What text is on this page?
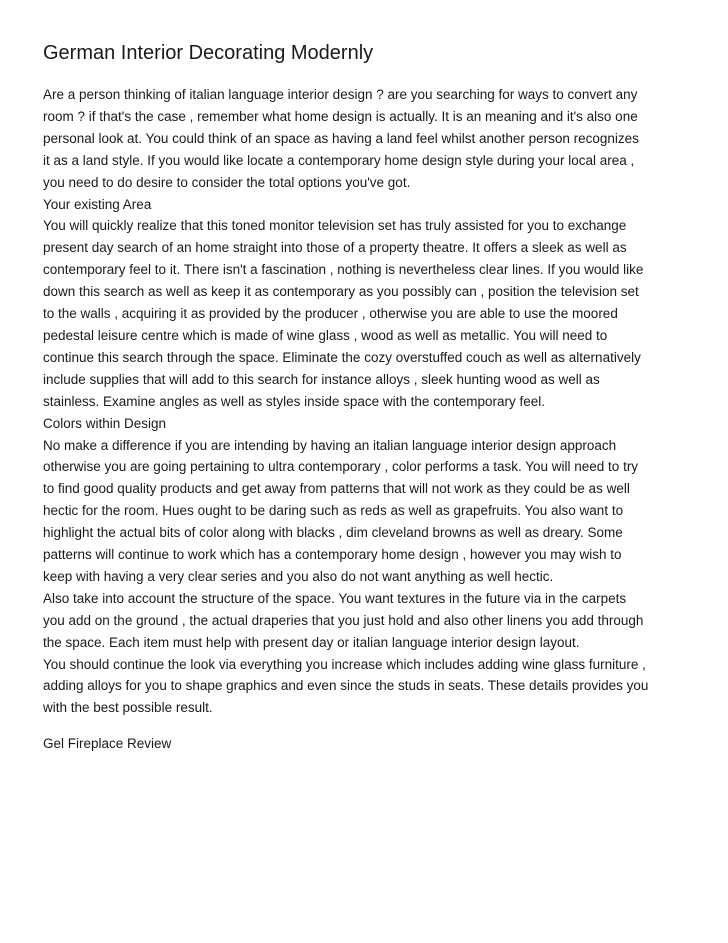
German Interior Decorating Modernly
Are a person thinking of italian language interior design ? are you searching for ways to convert any
room ? if that's the case , remember what home design is actually. It is an meaning and it's also one
personal look at. You could think of an space as having a land feel whilst another person recognizes
it as a land style. If you would like locate a contemporary home design style during your local area ,
you need to do desire to consider the total options you've got.
Your existing Area
You will quickly realize that this toned monitor television set has truly assisted for you to exchange
present day search of an home straight into those of a property theatre. It offers a sleek as well as
contemporary feel to it. There isn't a fascination , nothing is nevertheless clear lines. If you would like
down this search as well as keep it as contemporary as you possibly can , position the television set
to the walls , acquiring it as provided by the producer , otherwise you are able to use the moored
pedestal leisure centre which is made of wine glass , wood as well as metallic. You will need to
continue this search through the space. Eliminate the cozy overstuffed couch as well as alternatively
include supplies that will add to this search for instance alloys , sleek hunting wood as well as
stainless. Examine angles as well as styles inside space with the contemporary feel.
Colors within Design
No make a difference if you are intending by having an italian language interior design approach
otherwise you are going pertaining to ultra contemporary , color performs a task. You will need to try
to find good quality products and get away from patterns that will not work as they could be as well
hectic for the room. Hues ought to be daring such as reds as well as grapefruits. You also want to
highlight the actual bits of color along with blacks , dim cleveland browns as well as dreary. Some
patterns will continue to work which has a contemporary home design , however you may wish to
keep with having a very clear series and you also do not want anything as well hectic.
Also take into account the structure of the space. You want textures in the future via in the carpets
you add on the ground , the actual draperies that you just hold and also other linens you add through
the space. Each item must help with present day or italian language interior design layout.
You should continue the look via everything you increase which includes adding wine glass furniture ,
adding alloys for you to shape graphics and even since the studs in seats. These details provides you
with the best possible result.
Gel Fireplace Review
